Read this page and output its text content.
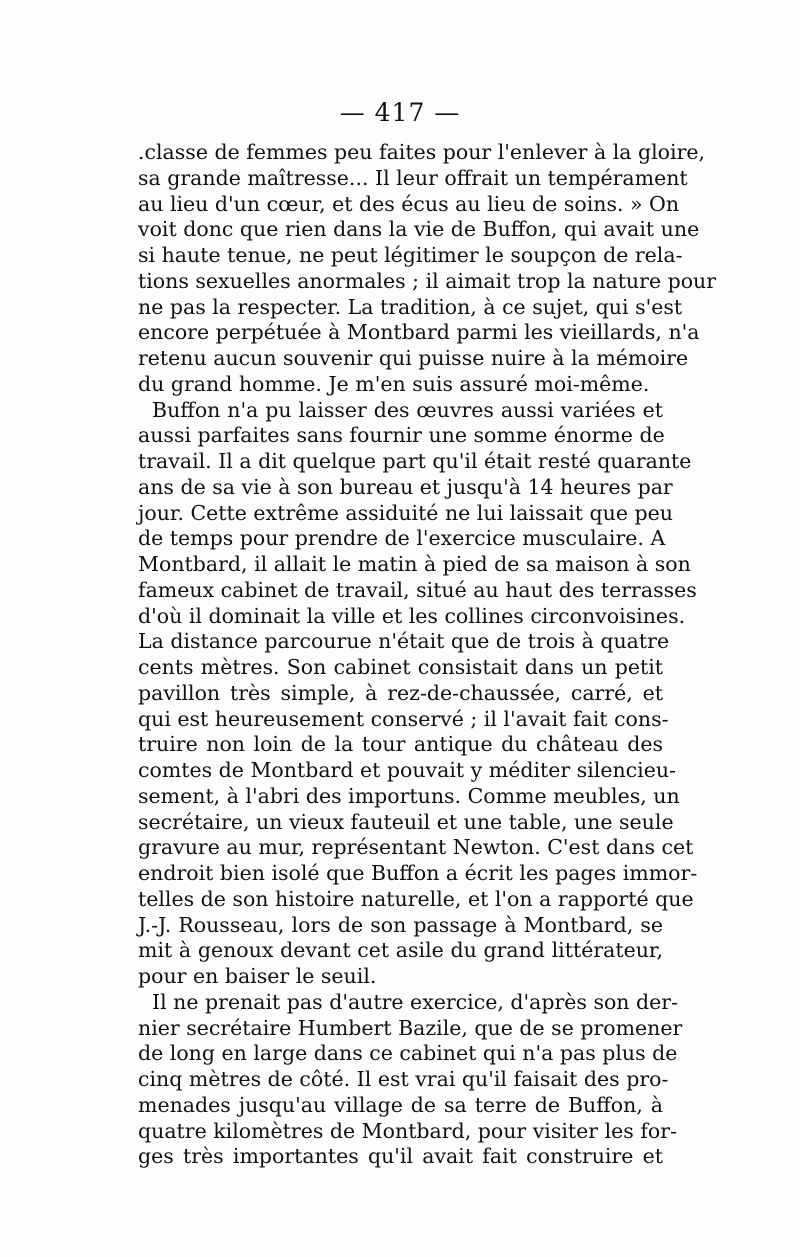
— 417 —
.classe de femmes peu faites pour l'enlever à la gloire,
sa grande maîtresse... Il leur offrait un tempérament
au lieu d'un cœur, et des écus au lieu de soins. » On
voit donc que rien dans la vie de Buffon, qui avait une
si haute tenue, ne peut légitimer le soupçon de rela-
tions sexuelles anormales ; il aimait trop la nature pour
ne pas la respecter. La tradition, à ce sujet, qui s'est
encore perpétuée à Montbard parmi les vieillards, n'a
retenu aucun souvenir qui puisse nuire à la mémoire
du grand homme. Je m'en suis assuré moi-même.
Buffon n'a pu laisser des œuvres aussi variées et
aussi parfaites sans fournir une somme énorme de
travail. Il a dit quelque part qu'il était resté quarante
ans de sa vie à son bureau et jusqu'à 14 heures par
jour. Cette extrême assiduité ne lui laissait que peu
de temps pour prendre de l'exercice musculaire. A
Montbard, il allait le matin à pied de sa maison à son
fameux cabinet de travail, situé au haut des terrasses
d'où il dominait la ville et les collines circonvoisines.
La distance parcourue n'était que de trois à quatre
cents mètres. Son cabinet consistait dans un petit
pavillon très simple, à rez-de-chaussée, carré, et
qui est heureusement conservé ; il l'avait fait cons-
truire non loin de la tour antique du château des
comtes de Montbard et pouvait y méditer silencieu-
sement, à l'abri des importuns. Comme meubles, un
secrétaire, un vieux fauteuil et une table, une seule
gravure au mur, représentant Newton. C'est dans cet
endroit bien isolé que Buffon a écrit les pages immor-
telles de son histoire naturelle, et l'on a rapporté que
J.-J. Rousseau, lors de son passage à Montbard, se
mit à genoux devant cet asile du grand littérateur,
pour en baiser le seuil.
Il ne prenait pas d'autre exercice, d'après son der-
nier secrétaire Humbert Bazile, que de se promener
de long en large dans ce cabinet qui n'a pas plus de
cinq mètres de côté. Il est vrai qu'il faisait des pro-
menades jusqu'au village de sa terre de Buffon, à
quatre kilomètres de Montbard, pour visiter les for-
ges très importantes qu'il avait fait construire et
